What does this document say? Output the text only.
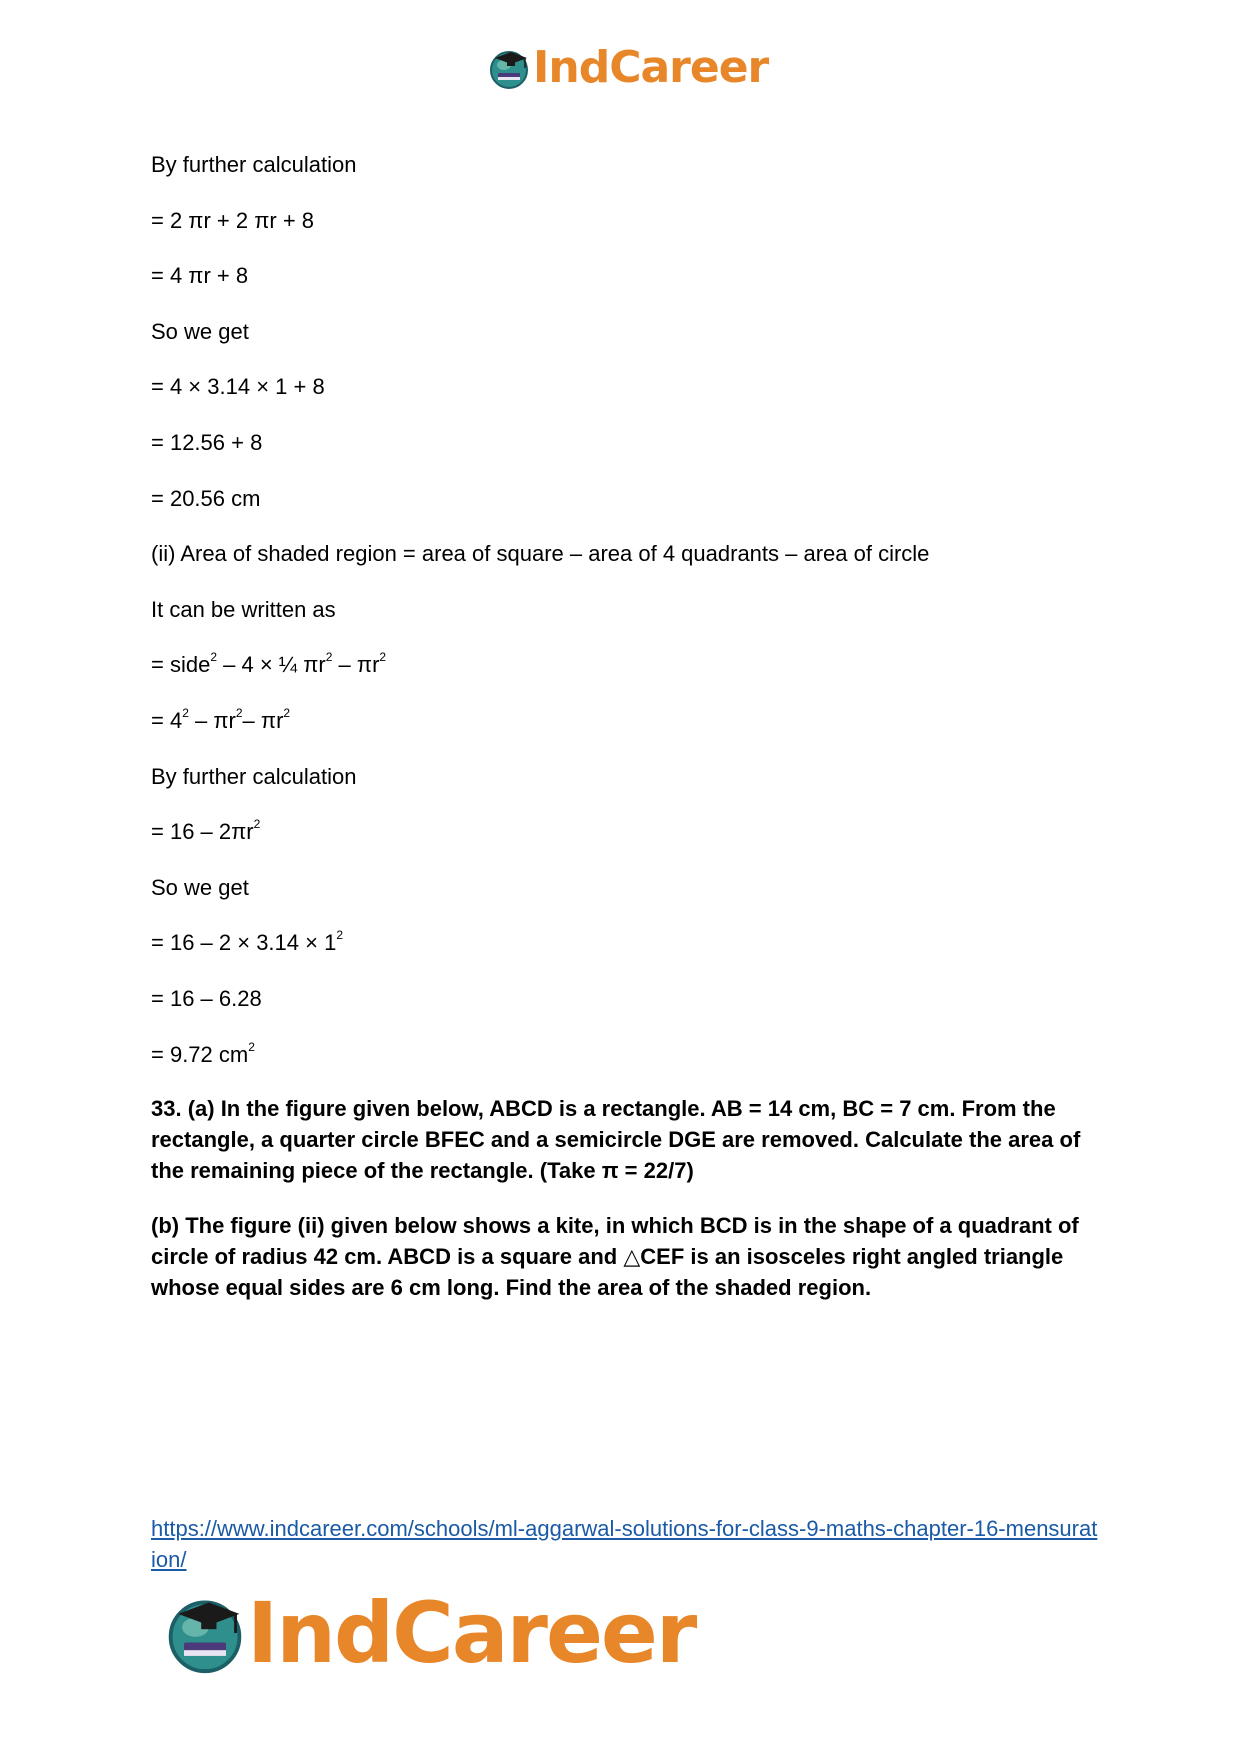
IndCareer
By further calculation
= 2 πr + 2 πr + 8
= 4 πr + 8
So we get
= 4 × 3.14 × 1 + 8
= 12.56 + 8
= 20.56 cm
(ii) Area of shaded region = area of square – area of 4 quadrants – area of circle
It can be written as
= side$^2$ – 4 × ¼ $\pi r^2 - \pi r^2$
= $4^2 - \pi r^2-$ $\pi r^2$
By further calculation
= $16 - 2\pi r^2$
So we get
= $16 - 2 \times 3.14 \times 1^2$
= 16 – 6.28
= 9.72 $cm^2$
33. (a) In the figure given below, ABCD is a rectangle. AB = 14 cm, BC = 7 cm. From the rectangle, a quarter circle BFEC and a semicircle DGE are removed. Calculate the area of the remaining piece of the rectangle. (Take π = 22/7)
(b) The figure (ii) given below shows a kite, in which BCD is in the shape of a quadrant of circle of radius 42 cm. ABCD is a square and △CEF is an isosceles right angled triangle whose equal sides are 6 cm long. Find the area of the shaded region.
https://www.indcareer.com/schools/ml-aggarwal-solutions-for-class-9-maths-chapter-16-mensuration/
IndCareer
